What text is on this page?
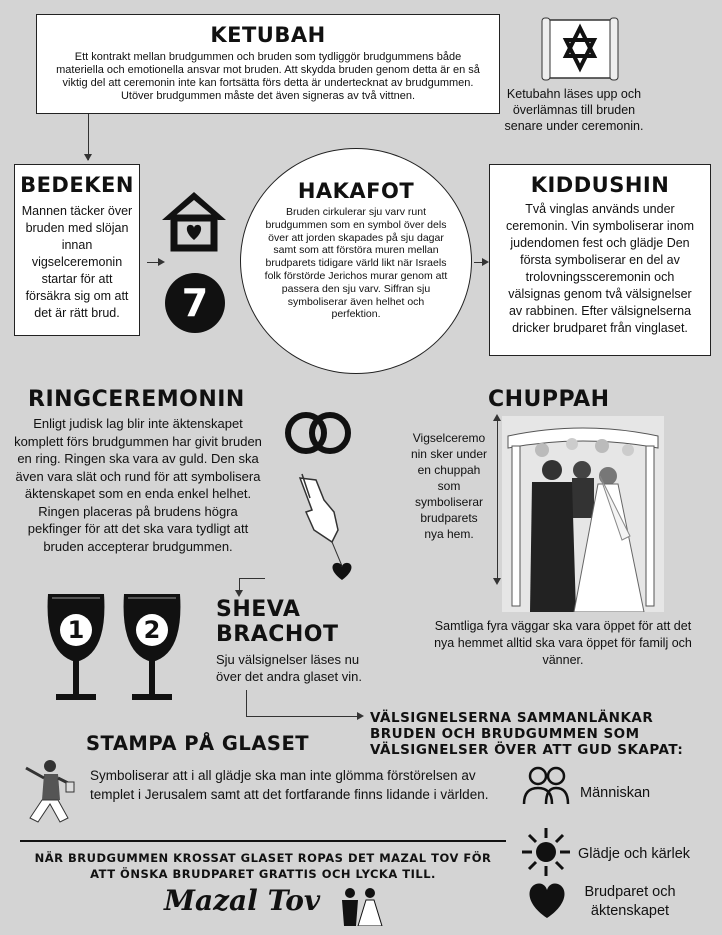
KETUBAH
Ett kontrakt mellan brudgummen och bruden som tydliggör brudgummens både materiella och emotionella ansvar mot bruden. Att skydda bruden genom detta är en så viktig del att ceremonin inte kan fortsätta förs detta är undertecknat av brudgummen. Utöver brudgummen måste det även signeras av två vittnen.	Ketubahn läses upp och överlämnas till bruden senare under ceremonin.
BEDEKEN
Mannen täcker över bruden med slöjan innan vigselceremonin startar för att försäkra sig om att det är rätt brud.	7
HAKAFOT
Bruden cirkulerar sju varv runt brudgummen som en symbol över dels över att jorden skapades på sju dagar samt som att förstöra muren mellan brudparets tidigare värld likt när Israels folk förstörde Jerichos murar genom att passera den sju varv. Siffran sju symboliserar även helhet och perfektion.
KIDDUSHIN
Två vinglas används under ceremonin. Vin symboliserar inom judendomen fest och glädje Den första symboliserar en del av trolovningssceremonin och välsignas genom två välsignelser av rabbinen. Efter välsignelserna dricker brudparet från vinglaset.
RINGCEREMONIN
Enligt judisk lag blir inte äktenskapet komplett förs brudgummen har givit bruden en ring. Ringen ska vara av guld. Den ska även vara slät och rund för att symbolisera äktenskapet som en enda enkel helhet. Ringen placeras på brudens högra pekfinger för att det ska vara tydligt att bruden accepterar brudgummen.
CHUPPAH
Vigselceremonin sker under en chuppah som symboliserar brudparets nya hem.
Samtliga fyra väggar ska vara öppet för att det nya hemmet alltid ska vara öppet för familj och vänner.
1	2
SHEVA
BRACHOT
Sju välsignelser läses nu över det andra glaset vin.
VÄLSIGNELSERNA SAMMANLÄNKAR BRUDEN OCH BRUDGUMMEN SOM VÄLSIGNELSER ÖVER ATT GUD SKAPAT:
Människan
Glädje och kärlek
Brudparet och äktenskapet
STAMPA PÅ GLASET
Symboliserar att i all glädje ska man inte glömma förstörelsen av templet i Jerusalem samt att det fortfarande finns lidande i världen.
NÄR BRUDGUMMEN KROSSAT GLASET ROPAS DET MAZAL TOV FÖR ATT ÖNSKA BRUDPARET GRATTIS OCH LYCKA TILL.
Mazal Tov
